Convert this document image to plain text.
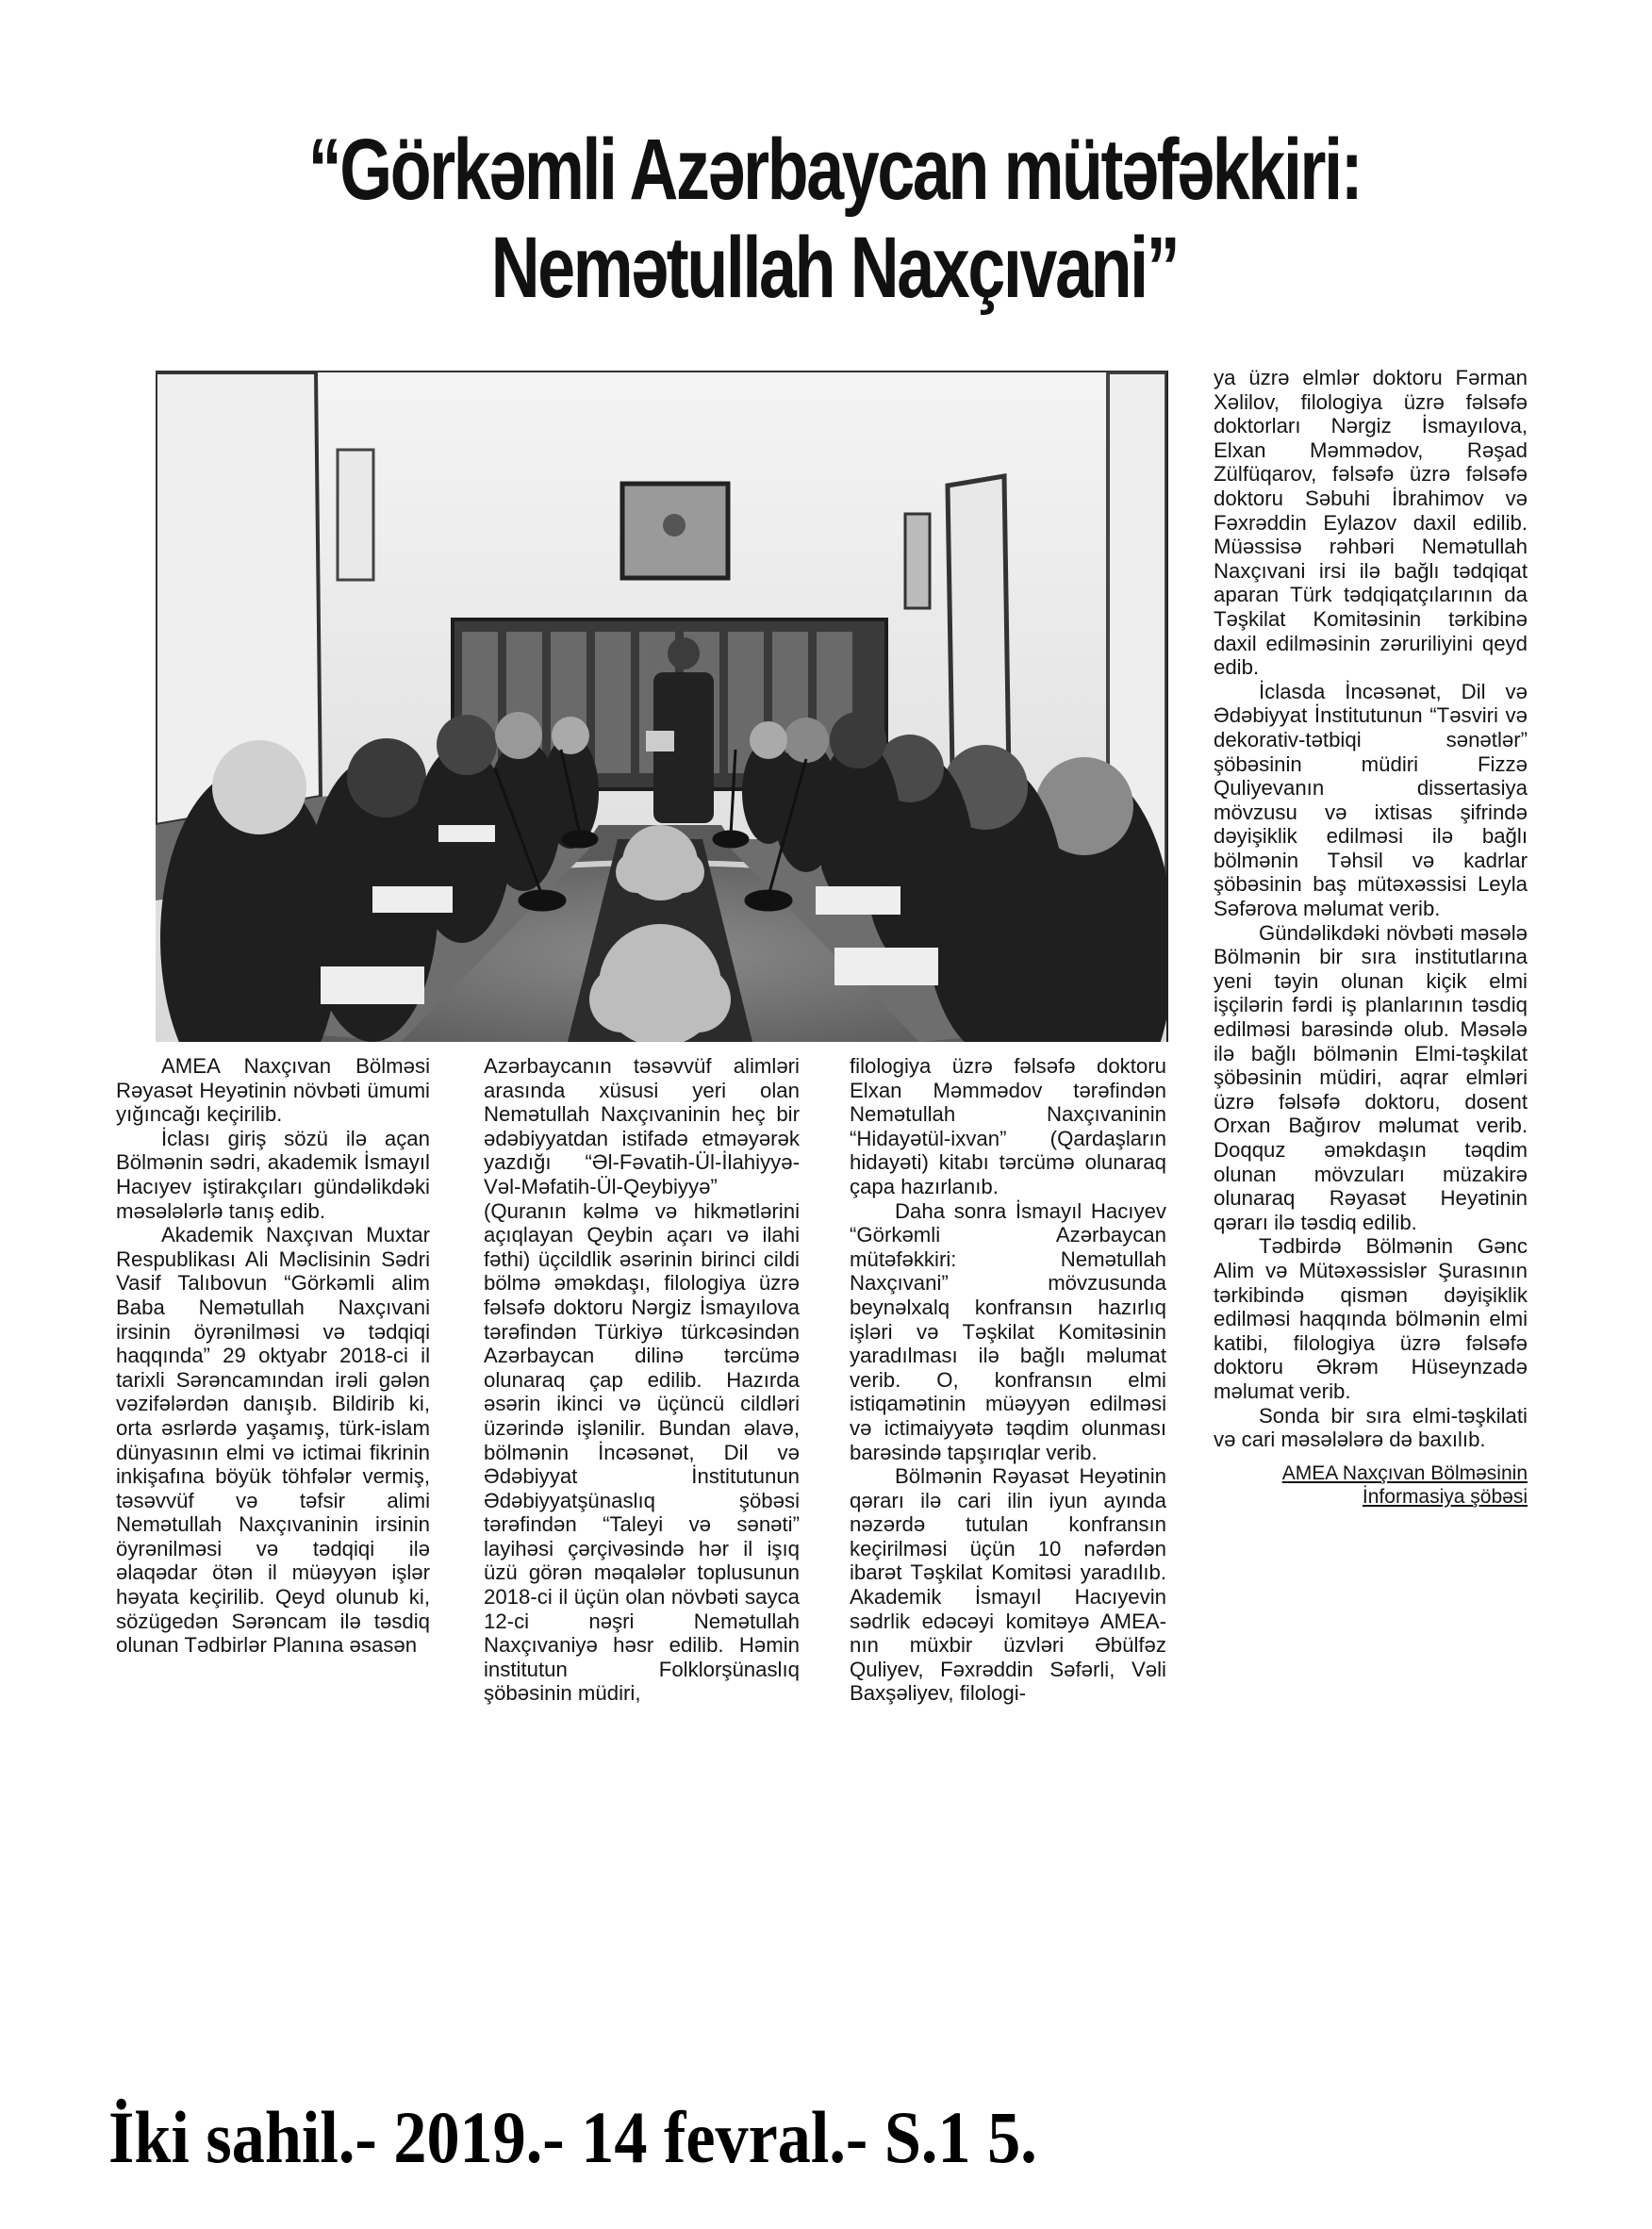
“Görkəmli Azərbaycan mütəfəkkiri:
Nemətullah Naxçıvani”

AMEA Naxçıvan Bölməsi Rəyasət Heyətinin növbəti ümumi yığıncağı keçirilib.

İclası giriş sözü ilə açan Bölmənin sədri, akademik İsmayıl Hacıyev iştirakçıları gündəlikdəki məsələlərlə tanış edib.

Akademik Naxçıvan Muxtar Respublikası Ali Məclisinin Sədri Vasif Talıbovun “Görkəmli alim Baba Nemətullah Naxçıvani irsinin öyrənilməsi və tədqiqi haqqında” 29 oktyabr 2018-ci il tarixli Sərəncamından irəli gələn vəzifələrdən danışıb. Bildirib ki, orta əsrlərdə yaşamış, türk-islam dünyasının elmi və ictimai fikrinin inkişafına böyük töhfələr vermiş, təsəvvüf və təfsir alimi Nemətullah Naxçıvaninin irsinin öyrənilməsi və tədqiqi ilə əlaqədar ötən il müəyyən işlər həyata keçirilib. Qeyd olunub ki, sözügedən Sərəncam ilə təsdiq olunan Tədbirlər Planına əsasən

Azərbaycanın təsəvvüf alimləri arasında xüsusi yeri olan Nemətullah Naxçıvaninin heç bir ədəbiyyatdan istifadə etməyərək yazdığı “Əl-Fəvatih-Ül-İlahiyyə-Vəl-Məfatih-Ül-Qeybiyyə” (Quranın kəlmə və hikmətlərini açıqlayan Qeybin açarı və ilahi fəthi) üçcildlik əsərinin birinci cildi bölmə əməkdaşı, filologiya üzrə fəlsəfə doktoru Nərgiz İsmayılova tərəfindən Türkiyə türkcəsindən Azərbaycan dilinə tərcümə olunaraq çap edilib. Hazırda əsərin ikinci və üçüncü cildləri üzərində işlənilir. Bundan əlavə, bölmənin İncəsənət, Dil və Ədəbiyyat İnstitutunun Ədəbiyyatşünaslıq şöbəsi tərəfindən “Taleyi və sənəti” layihəsi çərçivəsində hər il işıq üzü görən məqalələr toplusunun 2018-ci il üçün olan növbəti sayca 12-ci nəşri Nemətullah Naxçıvaniyə həsr edilib. Həmin institutun Folklorşünaslıq şöbəsinin müdiri,

filologiya üzrə fəlsəfə doktoru Elxan Məmmədov tərəfindən Nemətullah Naxçıvaninin “Hidayətül-ixvan” (Qardaşların hidayəti) kitabı tərcümə olunaraq çapa hazırlanıb.

Daha sonra İsmayıl Hacıyev “Görkəmli Azərbaycan mütəfəkkiri: Nemətullah Naxçıvani” mövzusunda beynəlxalq konfransın hazırlıq işləri və Təşkilat Komitəsinin yaradılması ilə bağlı məlumat verib. O, konfransın elmi istiqamətinin müəyyən edilməsi və ictimaiyyətə təqdim olunması barəsində tapşırıqlar verib.

Bölmənin Rəyasət Heyətinin qərarı ilə cari ilin iyun ayında nəzərdə tutulan konfransın keçirilməsi üçün 10 nəfərdən ibarət Təşkilat Komitəsi yaradılıb. Akademik İsmayıl Hacıyevin sədrlik edəcəyi komitəyə AMEA-nın müxbir üzvləri Əbülfəz Quliyev, Fəxrəddin Səfərli, Vəli Baxşəliyev, filologi-

ya üzrə elmlər doktoru Fərman Xəlilov, filologiya üzrə fəlsəfə doktorları Nərgiz İsmayılova, Elxan Məmmədov, Rəşad Zülfüqarov, fəlsəfə üzrə fəlsəfə doktoru Səbuhi İbrahimov və Fəxrəddin Eylazov daxil edilib. Müəssisə rəhbəri Nemətullah Naxçıvani irsi ilə bağlı tədqiqat aparan Türk tədqiqatçılarının da Təşkilat Komitəsinin tərkibinə daxil edilməsinin zəruriliyini qeyd edib.

İclasda İncəsənət, Dil və Ədəbiyyat İnstitutunun “Təsviri və dekorativ-tətbiqi sənətlər” şöbəsinin müdiri Fizzə Quliyevanın dissertasiya mövzusu və ixtisas şifrində dəyişiklik edilməsi ilə bağlı bölmənin Təhsil və kadrlar şöbəsinin baş mütəxəssisi Leyla Səfərova məlumat verib.

Gündəlikdəki növbəti məsələ Bölmənin bir sıra institutlarına yeni təyin olunan kiçik elmi işçilərin fərdi iş planlarının təsdiq edilməsi barəsində olub. Məsələ ilə bağlı bölmənin Elmi-təşkilat şöbəsinin müdiri, aqrar elmləri üzrə fəlsəfə doktoru, dosent Orxan Bağırov məlumat verib. Doqquz əməkdaşın təqdim olunan mövzuları müzakirə olunaraq Rəyasət Heyətinin qərarı ilə təsdiq edilib.

Tədbirdə Bölmənin Gənc Alim və Mütəxəssislər Şurasının tərkibində qismən dəyişiklik edilməsi haqqında bölmənin elmi katibi, filologiya üzrə fəlsəfə doktoru Əkrəm Hüseynzadə məlumat verib.

Sonda bir sıra elmi-təşkilati və cari məsələlərə də baxılıb.

AMEA Naxçıvan Bölməsinin
İnformasiya şöbəsi
İki sahil.- 2019.- 14 fevral.- S.1 5.
